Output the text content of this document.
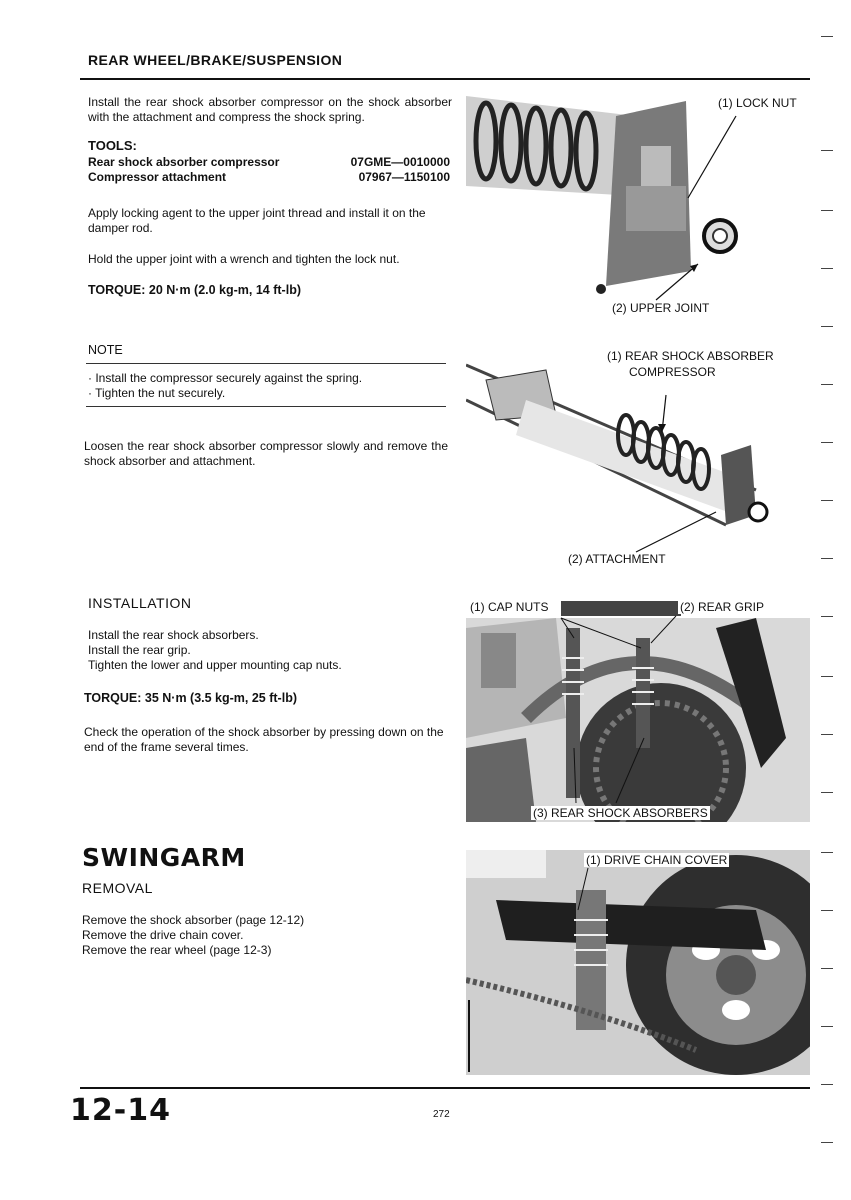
REAR WHEEL/BRAKE/SUSPENSION
Install the rear shock absorber compressor on the shock absorber with the attachment and compress the shock spring.
TOOLS:
Rear shock absorber compressor	07GME—0010000
Compressor attachment	07967—1150100
Apply locking agent to the upper joint thread and install it on the damper rod.
Hold the upper joint with a wrench and tighten the lock nut.
TORQUE: 20 N·m (2.0 kg-m, 14 ft-lb)
NOTE
· Install the compressor securely against the spring.
· Tighten the nut securely.
Loosen the rear shock absorber compressor slowly and remove the shock absorber and attachment.
INSTALLATION
Install the rear shock absorbers.
Install the rear grip.
Tighten the lower and upper mounting cap nuts.
TORQUE: 35 N·m (3.5 kg-m, 25 ft-lb)
Check the operation of the shock absorber by pressing down on the end of the frame several times.
SWINGARM
REMOVAL
Remove the shock absorber (page 12-12)
Remove the drive chain cover.
Remove the rear wheel (page 12-3)
(1) LOCK NUT
(2) UPPER JOINT
(1) REAR SHOCK ABSORBER
COMPRESSOR
(2) ATTACHMENT
(1) CAP NUTS	(2) REAR GRIP
(3) REAR SHOCK ABSORBERS
(1) DRIVE CHAIN COVER
12-14	272
